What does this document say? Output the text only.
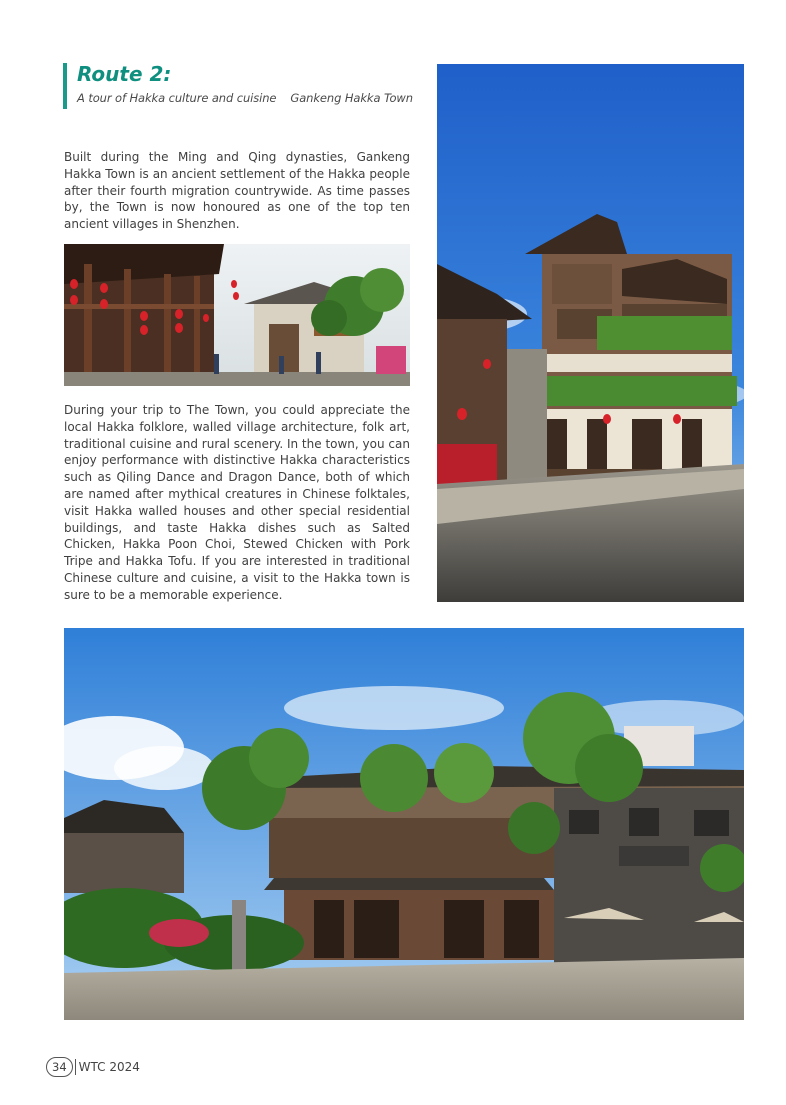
Route 2:
A tour of Hakka culture and cuisine Gankeng Hakka Town

Built during the Ming and Qing dynasties, Gankeng Hakka Town is an ancient settlement of the Hakka people after their fourth migration countrywide. As time passes by, the Town is now honoured as one of the top ten ancient villages in Shenzhen.

During your trip to The Town, you could appreciate the local Hakka folklore, walled village architecture, folk art, traditional cuisine and rural scenery. In the town, you can enjoy performance with distinctive Hakka characteristics such as Qiling Dance and Dragon Dance, both of which are named after mythical creatures in Chinese folktales, visit Hakka walled houses and other special residential buildings, and taste Hakka dishes such as Salted Chicken, Hakka Poon Choi, Stewed Chicken with Pork Tripe and Hakka Tofu. If you are interested in traditional Chinese culture and cuisine, a visit to the Hakka town is sure to be a memorable experience.

34	WTC 2024
